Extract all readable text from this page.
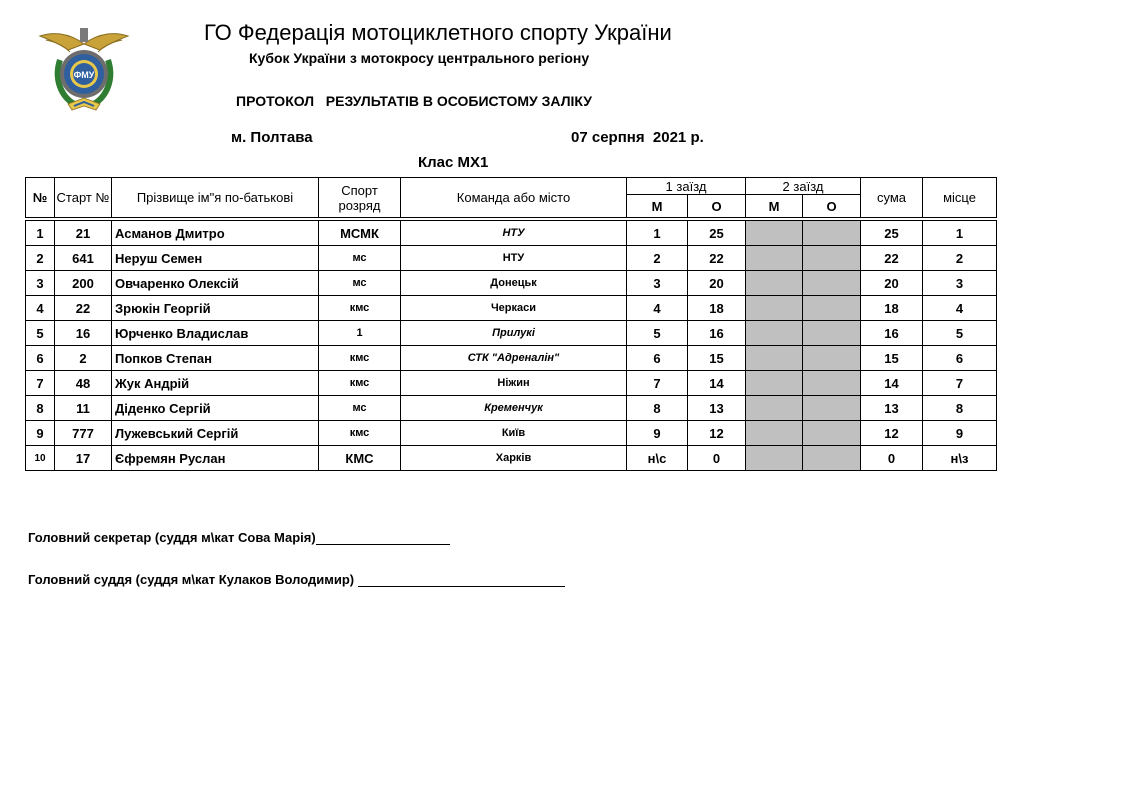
ФМУ
ГО Федерація мотоциклетного спорту України
Кубок України з мотокросу центрального регіону
ПРОТОКОЛ   РЕЗУЛЬТАТІВ В ОСОБИСТОМУ ЗАЛІКУ
м. Полтава	07 серпня  2021 р.
Клас МХ1
№	Старт №	Прізвище ім"я по-батькові	Спорт розряд	Команда або місто	1 заїзд		2 заїзд		сума	місце
					М	О	М	О		

1	21	Асманов Дмитро	МСМК	НТУ	1	25			25	1
2	641	Неруш Семен	мс	НТУ	2	22			22	2
3	200	Овчаренко Олексій	мс	Донецьк	3	20			20	3
4	22	Зрюкін Георгій	кмс	Черкаси	4	18			18	4
5	16	Юрченко Владислав	1	Прилукі	5	16			16	5
6	2	Попков Степан	кмс	СТК "Адреналін"	6	15			15	6
7	48	Жук Андрій	кмс	Ніжин	7	14			14	7
8	11	Діденко Сергій	мс	Кременчук	8	13			13	8
9	777	Лужевський Сергій	кмс	Київ	9	12			12	9
10	17	Єфремян Руслан	КМС	Харків	н\с	0			0	н\з
Головний секретар (суддя м\кат Сова Марія)
Головний суддя (суддя м\кат Кулаков Володимир)
